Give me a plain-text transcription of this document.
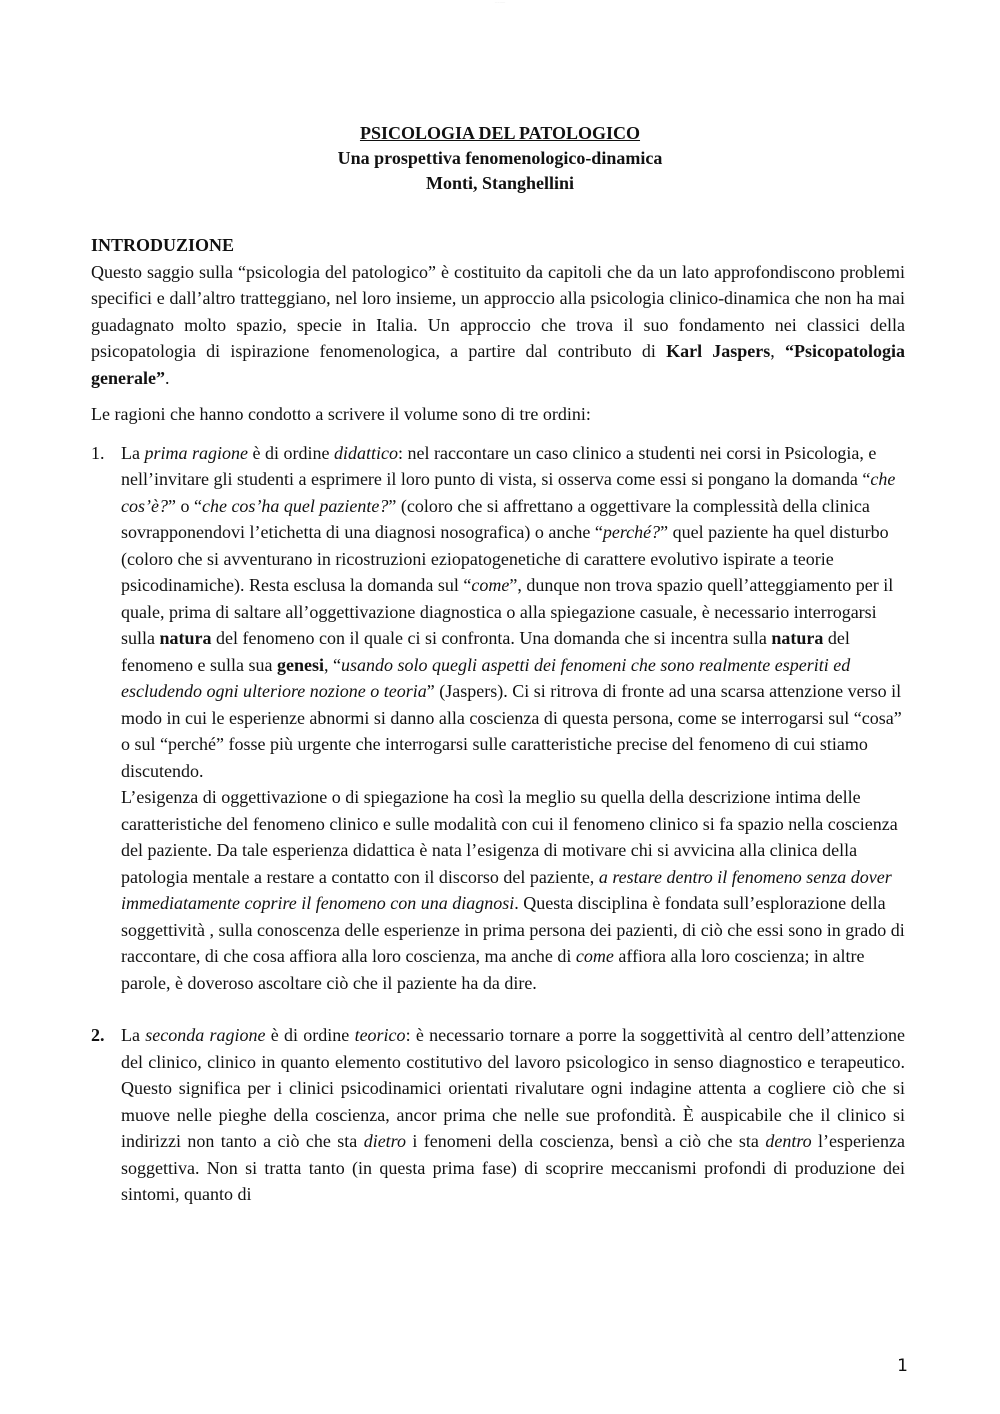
·· ·· ·····
PSICOLOGIA DEL PATOLOGICO
Una prospettiva fenomenologico-dinamica
Monti, Stanghellini
INTRODUZIONE

Questo saggio sulla “psicologia del patologico” è costituito da capitoli che da un lato approfondiscono problemi specifici e dall’altro tratteggiano, nel loro insieme, un approccio alla psicologia clinico-dinamica che non ha mai guadagnato molto spazio, specie in Italia. Un approccio che trova il suo fondamento nei classici della psicopatologia di ispirazione fenomenologica, a partire dal contributo di Karl Jaspers, “Psicopatologia generale”.

Le ragioni che hanno condotto a scrivere il volume sono di tre ordini:

1. La prima ragione è di ordine didattico: nel raccontare un caso clinico a studenti nei corsi in Psicologia, e nell’invitare gli studenti a esprimere il loro punto di vista, si osserva come essi si pongano la domanda “che cos’è?” o “che cos’ha quel paziente?” (coloro che si affrettano a oggettivare la complessità della clinica sovrapponendovi l’etichetta di una diagnosi nosografica) o anche “perché?” quel paziente ha quel disturbo (coloro che si avventurano in ricostruzioni eziopatogenetiche di carattere evolutivo ispirate a teorie psicodinamiche). Resta esclusa la domanda sul “come”, dunque non trova spazio quell’atteggiamento per il quale, prima di saltare all’oggettivazione diagnostica o alla spiegazione casuale, è necessario interrogarsi sulla natura del fenomeno con il quale ci si confronta. Una domanda che si incentra sulla natura del fenomeno e sulla sua genesi, “usando solo quegli aspetti dei fenomeni che sono realmente esperiti ed escludendo ogni ulteriore nozione o teoria” (Jaspers). Ci si ritrova di fronte ad una scarsa attenzione verso il modo in cui le esperienze abnormi si danno alla coscienza di questa persona, come se interrogarsi sul “cosa” o sul “perché” fosse più urgente che interrogarsi sulle caratteristiche precise del fenomeno di cui stiamo discutendo.
L’esigenza di oggettivazione o di spiegazione ha così la meglio su quella della descrizione intima delle caratteristiche del fenomeno clinico e sulle modalità con cui il fenomeno clinico si fa spazio nella coscienza del paziente. Da tale esperienza didattica è nata l’esigenza di motivare chi si avvicina alla clinica della patologia mentale a restare a contatto con il discorso del paziente, a restare dentro il fenomeno senza dover immediatamente coprire il fenomeno con una diagnosi. Questa disciplina è fondata sull’esplorazione della soggettività , sulla conoscenza delle esperienze in prima persona dei pazienti, di ciò che essi sono in grado di raccontare, di che cosa affiora alla loro coscienza, ma anche di come affiora alla loro coscienza; in altre parole, è doveroso ascoltare ciò che il paziente ha da dire.
2. La seconda ragione è di ordine teorico: è necessario tornare a porre la soggettività al centro dell’attenzione del clinico, clinico in quanto elemento costitutivo del lavoro psicologico in senso diagnostico e terapeutico. Questo significa per i clinici psicodinamici orientati rivalutare ogni indagine attenta a cogliere ciò che si muove nelle pieghe della coscienza, ancor prima che nelle sue profondità. È auspicabile che il clinico si indirizzi non tanto a ciò che sta dietro i fenomeni della coscienza, bensì a ciò che sta dentro l’esperienza soggettiva. Non si tratta tanto (in questa prima fase) di scoprire meccanismi profondi di produzione dei sintomi, quanto di
1
